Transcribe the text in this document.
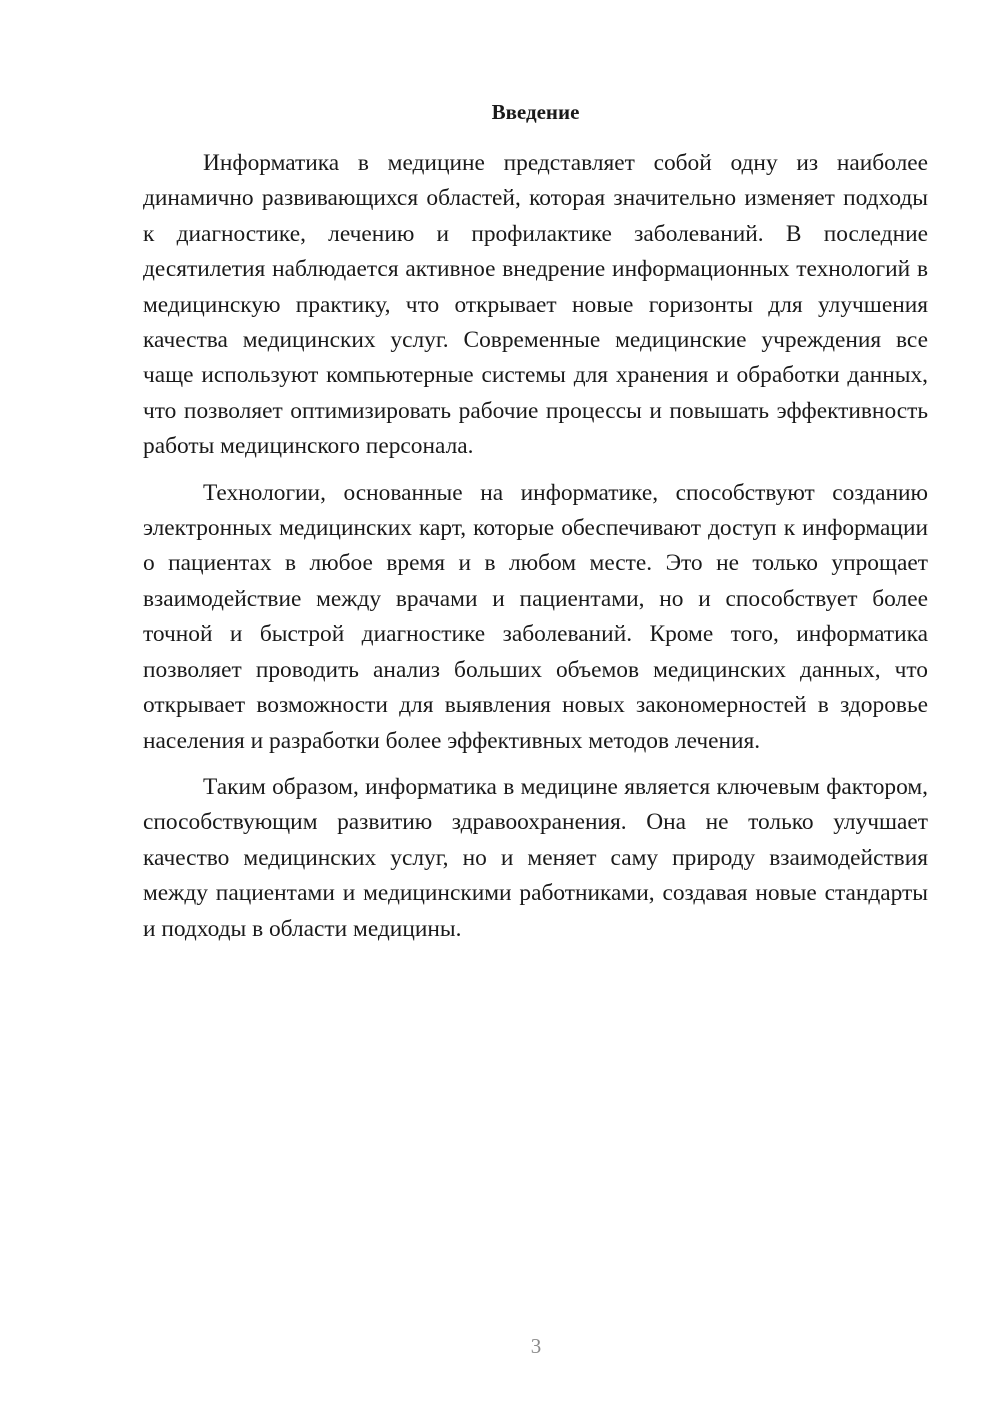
Введение

Информатика в медицине представляет собой одну из наиболее динамично развивающихся областей, которая значительно изменяет подходы к диагностике, лечению и профилактике заболеваний. В последние десятилетия наблюдается активное внедрение информационных технологий в медицинскую практику, что открывает новые горизонты для улучшения качества медицинских услуг. Современные медицинские учреждения все чаще используют компьютерные системы для хранения и обработки данных, что позволяет оптимизировать рабочие процессы и повышать эффективность работы медицинского персонала.

Технологии, основанные на информатике, способствуют созданию электронных медицинских карт, которые обеспечивают доступ к информации о пациентах в любое время и в любом месте. Это не только упрощает взаимодействие между врачами и пациентами, но и способствует более точной и быстрой диагностике заболеваний. Кроме того, информатика позволяет проводить анализ больших объемов медицинских данных, что открывает возможности для выявления новых закономерностей в здоровье населения и разработки более эффективных методов лечения.

Таким образом, информатика в медицине является ключевым фактором, способствующим развитию здравоохранения. Она не только улучшает качество медицинских услуг, но и меняет саму природу взаимодействия между пациентами и медицинскими работниками, создавая новые стандарты и подходы в области медицины.

3
